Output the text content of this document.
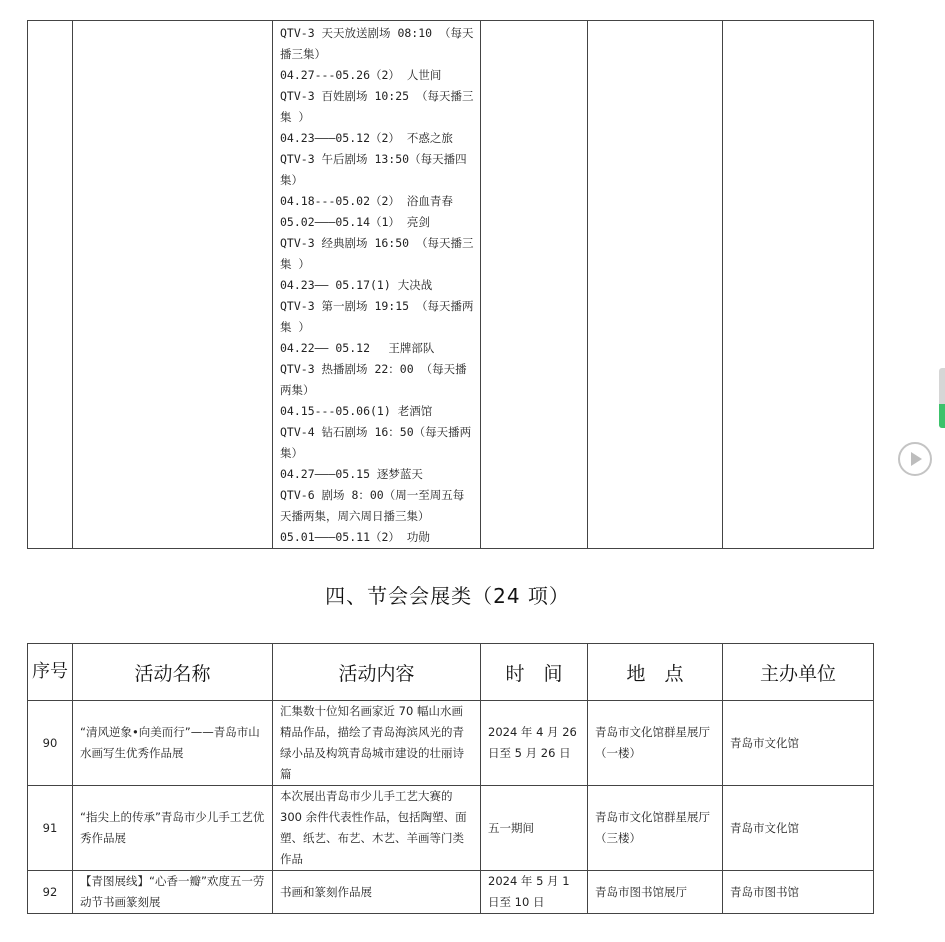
QTV-3 天天放送剧场 08:10 （每天播三集）
04.27---05.26（2） 人世间
QTV-3 百姓剧场 10:25 （每天播三集 ）
04.23———05.12（2） 不惑之旅
QTV-3 午后剧场 13:50（每天播四集）
04.18---05.02（2） 浴血青春
05.02———05.14（1） 亮剑
QTV-3 经典剧场 16:50 （每天播三集 ）
04.23—— 05.17(1) 大决战
QTV-3 第一剧场 19:15 （每天播两集 ）
04.22—— 05.12　 王牌部队
QTV-3 热播剧场 22：00 （每天播两集）
04.15---05.06(1) 老酒馆
QTV-4 钻石剧场 16：50（每天播两集）
04.27———05.15 逐梦蓝天
QTV-6 剧场 8：00（周一至周五每天播两集，周六周日播三集）
05.01———05.11（2） 功勋

四、节会会展类（24 项）
序号	活动名称	活动内容	时　间	地　点	主办单位
90	“清风逆象•向美而行”——青岛市山水画写生优秀作品展	汇集数十位知名画家近 70 幅山水画精品作品，描绘了青岛海滨风光的青绿小品及构筑青岛城市建设的壮丽诗篇	2024 年 4 月 26 日至 5 月 26 日	青岛市文化馆群星展厅（一楼）	青岛市文化馆
91	“指尖上的传承”青岛市少儿手工艺优秀作品展	本次展出青岛市少儿手工艺大赛的 300 余件代表性作品，包括陶塑、面塑、纸艺、布艺、木艺、羊画等门类作品	五一期间	青岛市文化馆群星展厅（三楼）	青岛市文化馆
92	【青图展线】“心香一瓣”欢度五一劳动节书画篆刻展	书画和篆刻作品展	2024 年 5 月 1 日至 10 日	青岛市图书馆展厅	青岛市图书馆
